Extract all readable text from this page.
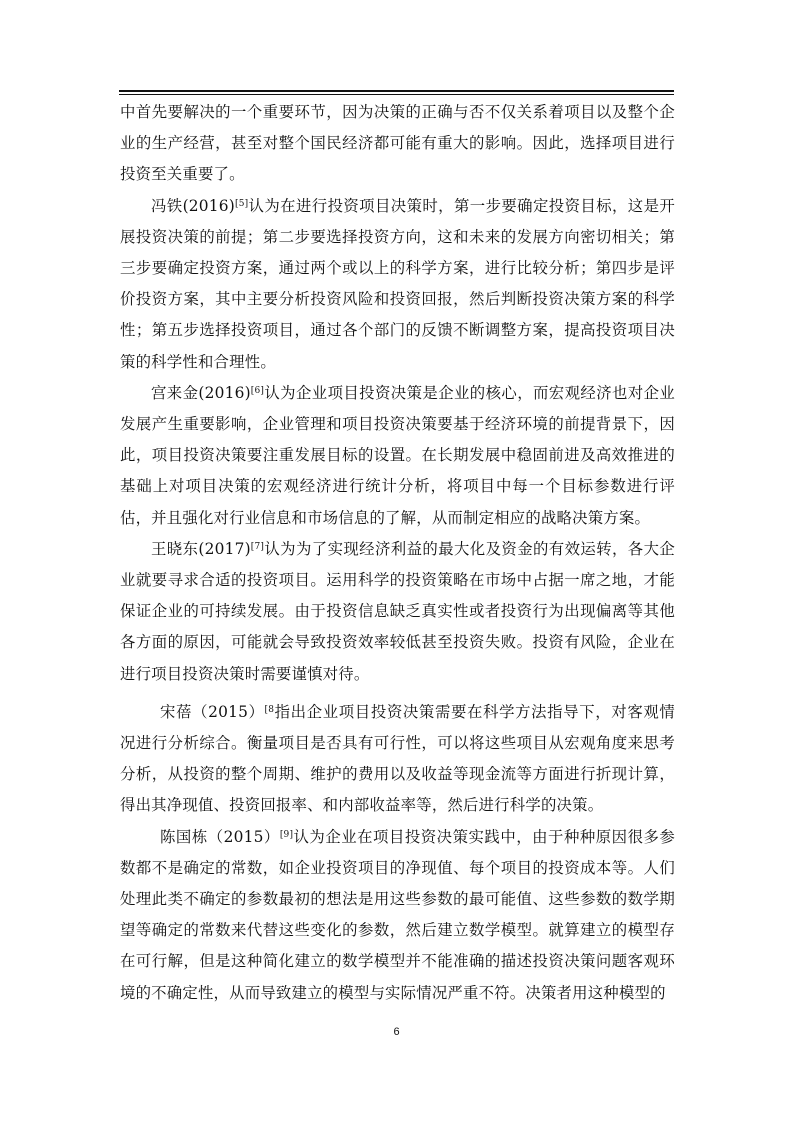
中首先要解决的一个重要环节，因为决策的正确与否不仅关系着项目以及整个企业的生产经营，甚至对整个国民经济都可能有重大的影响。因此，选择项目进行投资至关重要了。

冯铁(2016)[5]认为在进行投资项目决策时，第一步要确定投资目标，这是开展投资决策的前提；第二步要选择投资方向，这和未来的发展方向密切相关；第三步要确定投资方案，通过两个或以上的科学方案，进行比较分析；第四步是评价投资方案，其中主要分析投资风险和投资回报，然后判断投资决策方案的科学性；第五步选择投资项目，通过各个部门的反馈不断调整方案，提高投资项目决策的科学性和合理性。

宫来金(2016)[6]认为企业项目投资决策是企业的核心，而宏观经济也对企业发展产生重要影响，企业管理和项目投资决策要基于经济环境的前提背景下，因此，项目投资决策要注重发展目标的设置。在长期发展中稳固前进及高效推进的基础上对项目决策的宏观经济进行统计分析，将项目中每一个目标参数进行评估，并且强化对行业信息和市场信息的了解，从而制定相应的战略决策方案。

王晓东(2017)[7]认为为了实现经济利益的最大化及资金的有效运转，各大企业就要寻求合适的投资项目。运用科学的投资策略在市场中占据一席之地，才能保证企业的可持续发展。由于投资信息缺乏真实性或者投资行为出现偏离等其他各方面的原因，可能就会导致投资效率较低甚至投资失败。投资有风险，企业在进行项目投资决策时需要谨慎对待。

宋蓓（2015）$^{[8}$指出企业项目投资决策需要在科学方法指导下，对客观情况进行分析综合。衡量项目是否具有可行性，可以将这些项目从宏观角度来思考分析，从投资的整个周期、维护的费用以及收益等现金流等方面进行折现计算，得出其净现值、投资回报率、和内部收益率等，然后进行科学的决策。

陈国栋（2015）[9]认为企业在项目投资决策实践中，由于种种原因很多参数都不是确定的常数，如企业投资项目的净现值、每个项目的投资成本等。人们处理此类不确定的参数最初的想法是用这些参数的最可能值、这些参数的数学期望等确定的常数来代替这些变化的参数，然后建立数学模型。就算建立的模型存在可行解，但是这种简化建立的数学模型并不能准确的描述投资决策问题客观环境的不确定性，从而导致建立的模型与实际情况严重不符。决策者用这种模型的

6
